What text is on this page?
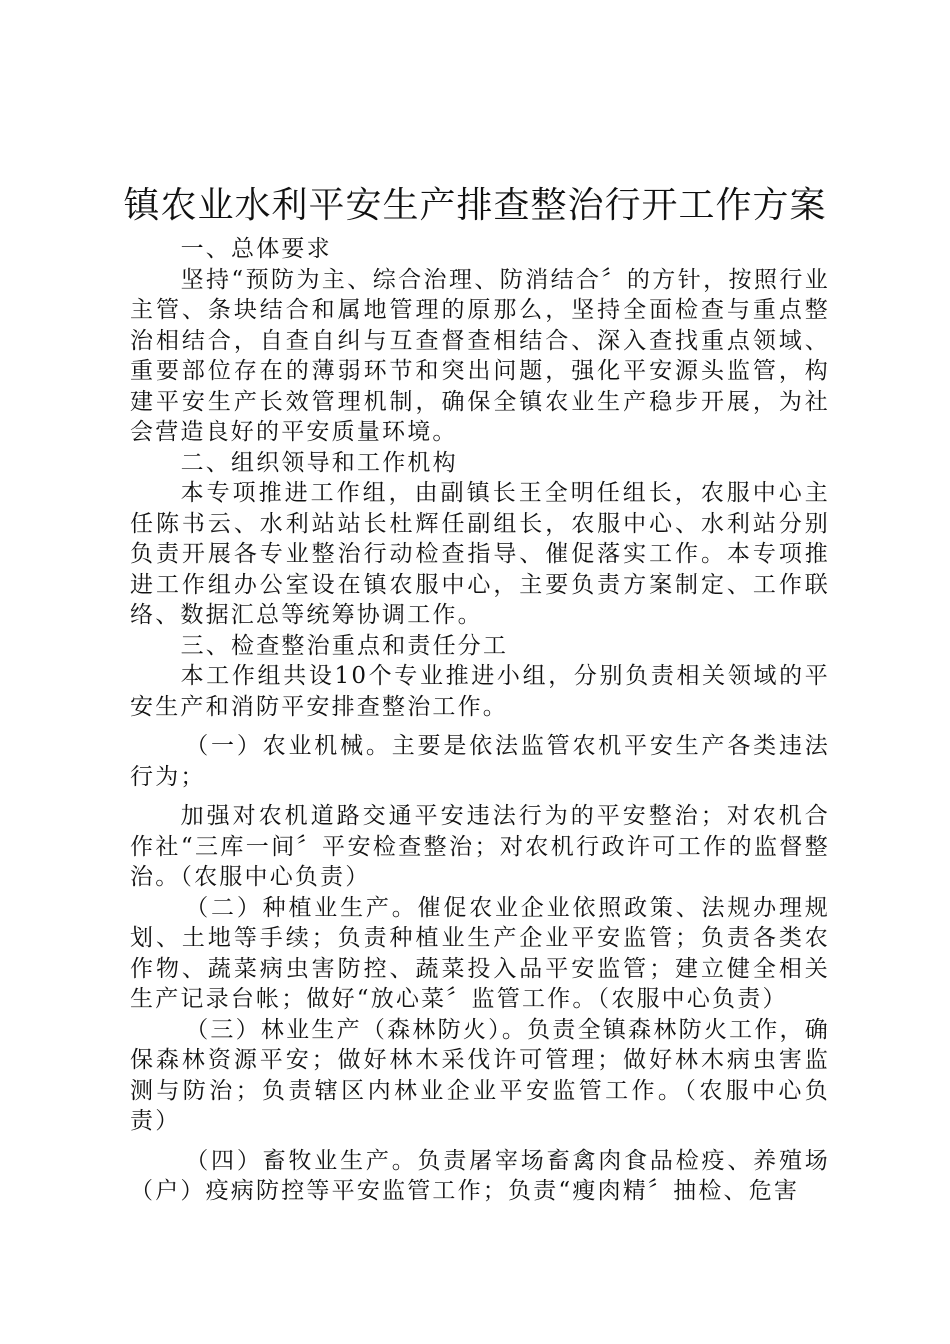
镇农业水利平安生产排查整治行开工作方案

一、总体要求

坚持“预防为主、综合治理、防消结合〞的方针，按照行业主管、条块结合和属地管理的原那么，坚持全面检查与重点整治相结合，自查自纠与互查督查相结合、深入查找重点领域、重要部位存在的薄弱环节和突出问题，强化平安源头监管，构建平安生产长效管理机制，确保全镇农业生产稳步开展，为社会营造良好的平安质量环境。

二、组织领导和工作机构

本专项推进工作组，由副镇长王全明任组长，农服中心主任陈书云、水利站站长杜辉任副组长，农服中心、水利站分别负责开展各专业整治行动检查指导、催促落实工作。本专项推进工作组办公室设在镇农服中心，主要负责方案制定、工作联络、数据汇总等统筹协调工作。

三、检查整治重点和责任分工

本工作组共设10个专业推进小组，分别负责相关领域的平安生产和消防平安排查整治工作。

（一）农业机械。主要是依法监管农机平安生产各类违法行为；

加强对农机道路交通平安违法行为的平安整治；对农机合作社“三库一间〞平安检查整治；对农机行政许可工作的监督整治。（农服中心负责）

（二）种植业生产。催促农业企业依照政策、法规办理规划、土地等手续；负责种植业生产企业平安监管；负责各类农作物、蔬菜病虫害防控、蔬菜投入品平安监管；建立健全相关生产记录台帐；做好“放心菜〞监管工作。（农服中心负责）

（三）林业生产（森林防火）。负责全镇森林防火工作，确保森林资源平安；做好林木采伐许可管理；做好林木病虫害监测与防治；负责辖区内林业企业平安监管工作。（农服中心负责）

（四）畜牧业生产。负责屠宰场畜禽肉食品检疫、养殖场（户）疫病防控等平安监管工作；负责“瘦肉精〞抽检、危害
